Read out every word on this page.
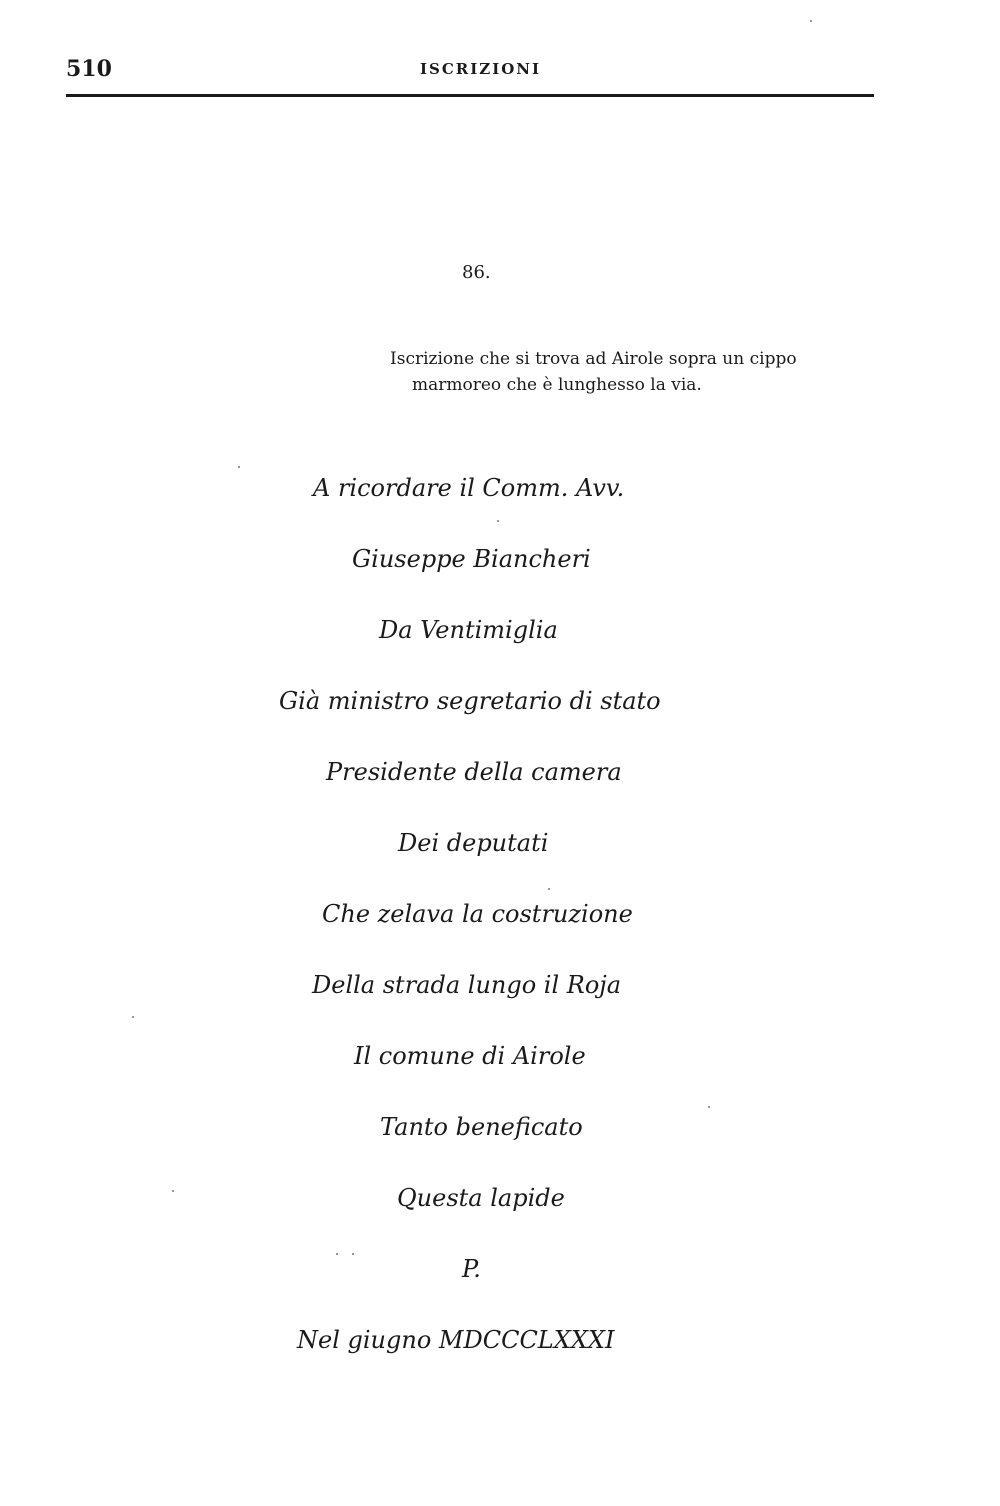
510	ISCRIZIONI
86.
Iscrizione che si trova ad Airole sopra un cippo
marmoreo che è lunghesso la via.
A ricordare il Comm. Avv.
Giuseppe Biancheri
Da Ventimiglia
Già ministro segretario di stato
Presidente della camera
Dei deputati
Che zelava la costruzione
Della strada lungo il Roja
Il comune di Airole
Tanto beneficato
Questa lapide
P.
Nel giugno MDCCCLXXXI
